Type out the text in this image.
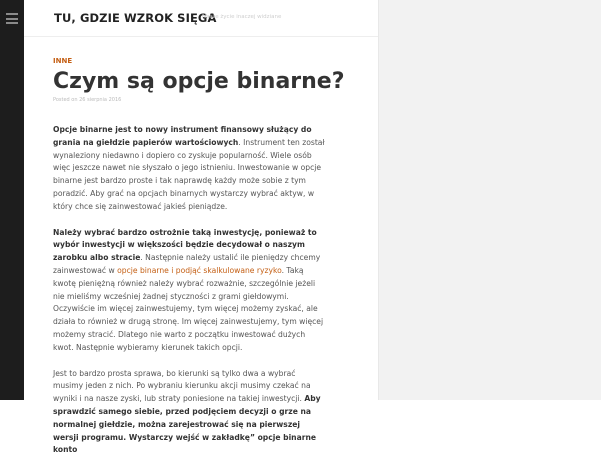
TU, GDZIE WZROK SIĘGA
Nasze życie inaczej widziane
INNE
Czym są opcje binarne?
Posted on 26 sierpnia 2016

Opcje binarne jest to nowy instrument finansowy służący do grania na giełdzie papierów wartościowych. Instrument ten został wynaleziony niedawno i dopiero co zyskuje popularność. Wiele osób więc jeszcze nawet nie słyszało o jego istnieniu. Inwestowanie w opcje binarne jest bardzo proste i tak naprawdę każdy może sobie z tym poradzić. Aby grać na opcjach binarnych wystarczy wybrać aktyw, w który chce się zainwestować jakieś pieniądze.

Należy wybrać bardzo ostrożnie taką inwestycję, ponieważ to wybór inwestycji w większości będzie decydował o naszym zarobku albo stracie. Następnie należy ustalić ile pieniędzy chcemy zainwestować w opcje binarne i podjąć skalkulowane ryzyko. Taką kwotę pieniężną również należy wybrać rozważnie, szczególnie jeżeli nie mieliśmy wcześniej żadnej styczności z grami giełdowymi. Oczywiście im więcej zainwestujemy, tym więcej możemy zyskać, ale działa to również w drugą stronę. Im więcej zainwestujemy, tym więcej możemy stracić. Dlatego nie warto z początku inwestować dużych kwot. Następnie wybieramy kierunek takich opcji.

Jest to bardzo prosta sprawa, bo kierunki są tylko dwa a wybrać musimy jeden z nich. Po wybraniu kierunku akcji musimy czekać na wyniki i na nasze zyski, lub straty poniesione na takiej inwestycji. Aby sprawdzić samego siebie, przed podjęciem decyzji o grze na normalnej giełdzie, można zarejestrować się na pierwszej wersji programu. Wystarczy wejść w zakładkę” opcje binarne konto
